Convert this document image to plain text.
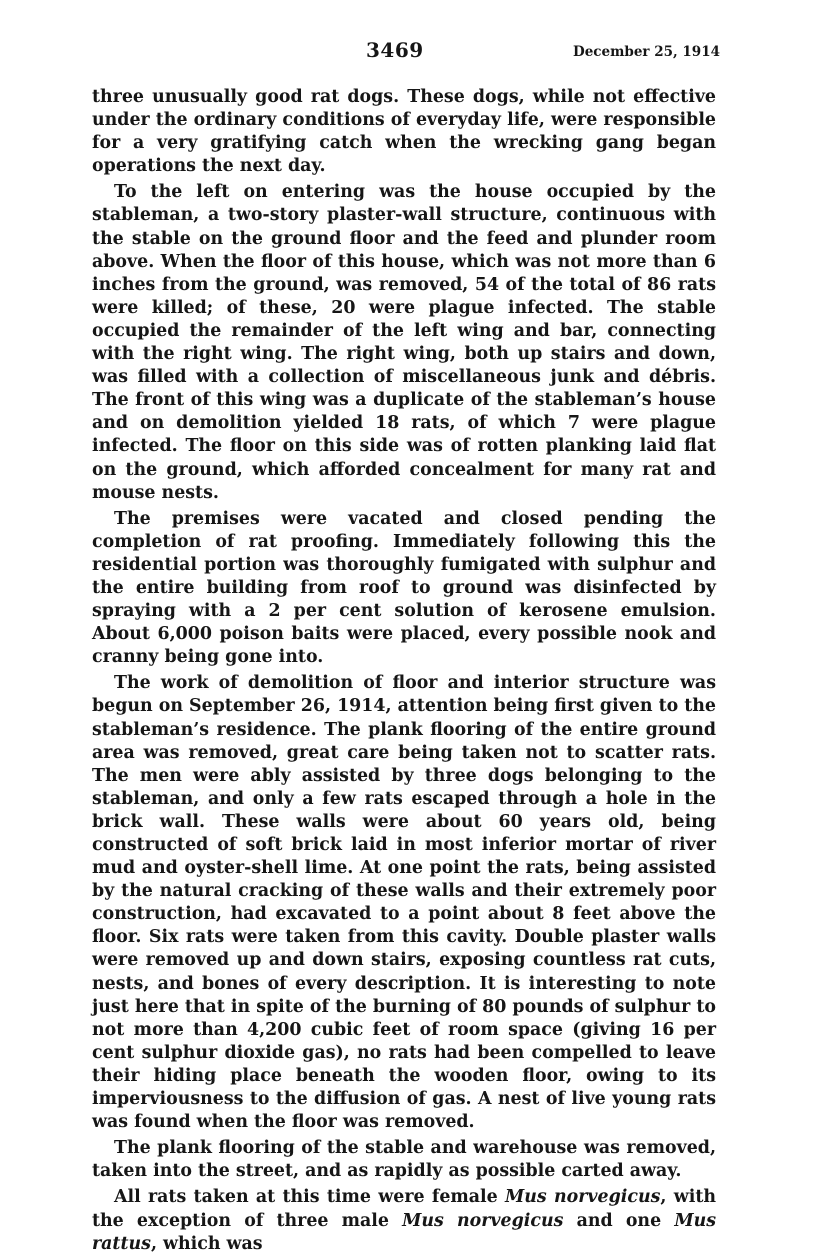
3469	December 25, 1914

three unusually good rat dogs. These dogs, while not effective under the ordinary conditions of everyday life, were responsible for a very gratifying catch when the wrecking gang began operations the next day.

To the left on entering was the house occupied by the stableman, a two-story plaster-wall structure, continuous with the stable on the ground floor and the feed and plunder room above. When the floor of this house, which was not more than 6 inches from the ground, was removed, 54 of the total of 86 rats were killed; of these, 20 were plague infected. The stable occupied the remainder of the left wing and bar, connecting with the right wing. The right wing, both up stairs and down, was filled with a collection of miscellaneous junk and débris. The front of this wing was a duplicate of the stableman’s house and on demolition yielded 18 rats, of which 7 were plague infected. The floor on this side was of rotten planking laid flat on the ground, which afforded concealment for many rat and mouse nests.

The premises were vacated and closed pending the completion of rat proofing. Immediately following this the residential portion was thoroughly fumigated with sulphur and the entire building from roof to ground was disinfected by spraying with a 2 per cent solution of kerosene emulsion. About 6,000 poison baits were placed, every possible nook and cranny being gone into.

The work of demolition of floor and interior structure was begun on September 26, 1914, attention being first given to the stableman’s residence. The plank flooring of the entire ground area was removed, great care being taken not to scatter rats. The men were ably assisted by three dogs belonging to the stableman, and only a few rats escaped through a hole in the brick wall. These walls were about 60 years old, being constructed of soft brick laid in most inferior mortar of river mud and oyster-shell lime. At one point the rats, being assisted by the natural cracking of these walls and their extremely poor construction, had excavated to a point about 8 feet above the floor. Six rats were taken from this cavity. Double plaster walls were removed up and down stairs, exposing countless rat cuts, nests, and bones of every description. It is interesting to note just here that in spite of the burning of 80 pounds of sulphur to not more than 4,200 cubic feet of room space (giving 16 per cent sulphur dioxide gas), no rats had been compelled to leave their hiding place beneath the wooden floor, owing to its imperviousness to the diffusion of gas. A nest of live young rats was found when the floor was removed.

The plank flooring of the stable and warehouse was removed, taken into the street, and as rapidly as possible carted away.

All rats taken at this time were female Mus norvegicus, with the exception of three male Mus norvegicus and one Mus rattus, which was
